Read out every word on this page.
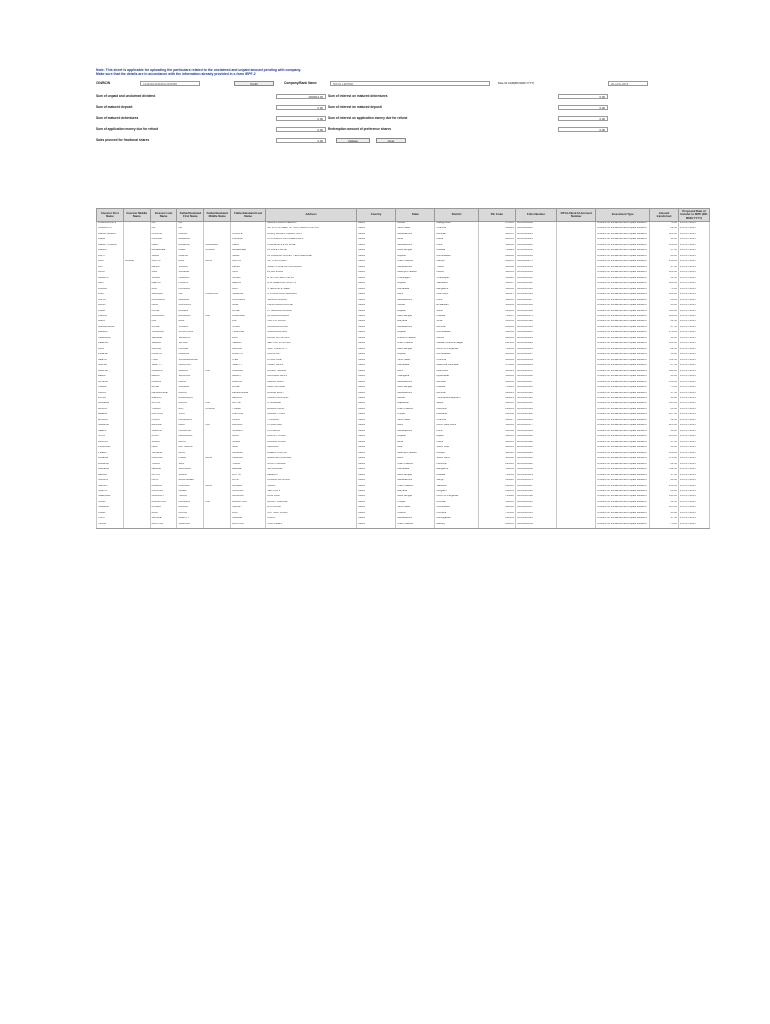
Note: This sheet is applicable for uploading the particulars related to the unclaimed and unpaid amount pending with company.
Make sure that the details are in accordance with the information already provided in e-form IEPF-2
CIN/BCIN	L24220GJ1961PLC001089	Prefill	Company/Bank Name	NOCIL LIMITED	Date Of AGM(DD-MON-YYYY)	20-AUG-2015
Sum of unpaid and unclaimed dividend	1360012.00
Sum of matured deposit	0.00
Sum of matured debentures	0.00
Sum of application money due for refund	0.00
Sales proceed for fractional shares	0.00
Sum of interest on matured debentures	0.00
Sum of interest on matured deposit	0.00
Sum of interest on application money due for refund	0.00
Redemption amount of preference shares	0.00
Validate	Clear
Investor First Name	Investor Middle Name	Investor Last Name	Father/Husband First Name	Father/Husband Middle Name	Father/Husband Last Name	Address	Country	State	District	Pin Code	Folio Number	DP Id-Client Id-Account Number	Investment Type	Amount transferred	Proposed Date of transfer to IEPF (DD-MON-YYYY)
A MANSOOR S		NA	NA			MALAPPURAM KERALA	INDIA	Kerala	Malappuram	676505	NOC0000006		Amount for unclaimed and unpaid dividend	75.00	15-OCT-2015
A REVATHY		NA	NA			NO 15 III STREET AYYAVU NAIDU COLONY	INDIA	Tamil Nadu	Chennai	600029	NOC0000012		Amount for unclaimed and unpaid dividend	22.50	15-OCT-2015
ABDUL HAMID		KOKATE	KHALIL		KOKATE	RAFIQ MANZIL CHAWL NO 2	INDIA	Maharashtra	Mumbai	400070	NOC0000021		Amount for unclaimed and unpaid dividend	300.00	15-OCT-2015
ABHA		PRASAD	MAHESH		PRASAD	C/O HINDUSTAN CHEMICALS	INDIA	Bihar	Patna	800001	NOC0000035		Amount for unclaimed and unpaid dividend	45.00	15-OCT-2015
ABHAY KUMAR		KELA	RAMESH	CHANDRA	KELA	8 GANESH PETH LANE	INDIA	Maharashtra	Pune	411002	NOC0000040		Amount for unclaimed and unpaid dividend	150.00	15-OCT-2015
ABHIJIT		BANERJEE	AMAL	KUMAR	BANERJEE	25 LAKE PLACE	INDIA	West Bengal	Kolkata	700029	NOC0000052		Amount for unclaimed and unpaid dividend	67.50	15-OCT-2015
ADITI		SHAH	NILESH		SHAH	14 PARIMAL SOCIETY ELLISBRIDGE	INDIA	Gujarat	Ahmedabad	380006	NOC0000063		Amount for unclaimed and unpaid dividend	90.00	15-OCT-2015
AJAY	KUMAR	GUPTA	RAM	NATH	GUPTA	117 CIVIL LINES	INDIA	Uttar Pradesh	Kanpur	208001	NOC0000071		Amount for unclaimed and unpaid dividend	210.00	15-OCT-2015
AJIT		DESAI	VASANT		DESAI	SHANTI NIKETAN NAUPADA	INDIA	Maharashtra	Thane	400602	NOC0000084		Amount for unclaimed and unpaid dividend	37.50	15-OCT-2015
ALKA		JAIN	SURESH		JAIN	22 MG ROAD	INDIA	Madhya Pradesh	Indore	452001	NOC0000093		Amount for unclaimed and unpaid dividend	120.00	15-OCT-2015
AMARJIT		SINGH	GURBAX		SINGH	H NO 451 SECTOR 22	INDIA	Chandigarh	Chandigarh	160022	NOC0000101		Amount for unclaimed and unpaid dividend	52.50	15-OCT-2015
AMIT		MEHTA	PRAVIN		MEHTA	B 12 NEELKANTH APTS	INDIA	Gujarat	Vadodara	390007	NOC0000118		Amount for unclaimed and unpaid dividend	180.00	15-OCT-2015
ANAND		RAO	KRISHNA		RAO	4 TEMPLE STREET	INDIA	Karnataka	Bangalore	560004	NOC0000126		Amount for unclaimed and unpaid dividend	75.00	15-OCT-2015
ANIL		SHARMA	OM	PRAKASH	SHARMA	C 45 RAJOURI GARDEN	INDIA	Delhi	New Delhi	110027	NOC0000133		Amount for unclaimed and unpaid dividend	300.00	15-OCT-2015
ANITA		KULKARNI	MADHAV		KULKARNI	SHIVAJI NAGAR	INDIA	Maharashtra	Pune	411005	NOC0000147		Amount for unclaimed and unpaid dividend	60.00	15-OCT-2015
ARUN		NAIR	GOPALAN		NAIR	PALLIKKARA HOUSE	INDIA	Kerala	Ernakulam	682011	NOC0000152		Amount for unclaimed and unpaid dividend	45.00	15-OCT-2015
ASHA		PATEL	MOHAN		PATEL	27 SARDAR NAGAR	INDIA	Gujarat	Surat	395001	NOC0000169		Amount for unclaimed and unpaid dividend	135.00	15-OCT-2015
ASHOK		AGARWAL	BANWARI	LAL	AGARWAL	12 BURRA BAZAR	INDIA	West Bengal	Kolkata	700007	NOC0000174		Amount for unclaimed and unpaid dividend	450.00	15-OCT-2015
BABU		LAL	RAM		LAL	VILL PO SIRSA	INDIA	Haryana	Sirsa	125055	NOC0000186		Amount for unclaimed and unpaid dividend	22.50	15-OCT-2015
BALKRISHNA		JOSHI	VISHNU		JOSHI	GIRGAUM ROAD	INDIA	Maharashtra	Mumbai	400004	NOC0000191		Amount for unclaimed and unpaid dividend	97.50	15-OCT-2015
BHARAT		THAKKAR	JAYANTILAL		THAKKAR	NAVRANGPURA	INDIA	Gujarat	Ahmedabad	380009	NOC0000205		Amount for unclaimed and unpaid dividend	270.00	15-OCT-2015
CHANDRA		SEKHAR	VENKATA		RAO	DOOR NO 12-4-88	INDIA	Andhra Pradesh	Guntur	522002	NOC0000213		Amount for unclaimed and unpaid dividend	30.00	15-OCT-2015
DEEPAK		VERMA	SHYAM		VERMA	SECTOR 15 NOIDA	INDIA	Uttar Pradesh	Gautam Buddha Nagar	201301	NOC0000228		Amount for unclaimed and unpaid dividend	165.00	15-OCT-2015
DILIP		GHOSH	PROBIR		GHOSH	SALT LAKE CITY	INDIA	West Bengal	North 24 Parganas	700064	NOC0000234		Amount for unclaimed and unpaid dividend	82.50	15-OCT-2015
DINESH		PANDYA	HARILAL		PANDYA	KALUPUR	INDIA	Gujarat	Ahmedabad	380001	NOC0000247		Amount for unclaimed and unpaid dividend	55.00	15-OCT-2015
GEETA		IYER	SUBRAMANIAM		IYER	MYLAPORE	INDIA	Tamil Nadu	Chennai	600004	NOC0000259		Amount for unclaimed and unpaid dividend	112.50	15-OCT-2015
GIRISH		SHETTY	NARAYAN		SHETTY	KADRI HILLS	INDIA	Karnataka	Dakshina Kannada	575004	NOC0000263		Amount for unclaimed and unpaid dividend	67.50	15-OCT-2015
HARISH		CHAWLA	MADAN	LAL	CHAWLA	LAJPAT NAGAR	INDIA	Delhi	New Delhi	110024	NOC0000278		Amount for unclaimed and unpaid dividend	240.00	15-OCT-2015
HEMA		REDDY	SRINIVAS		REDDY	BANJARA HILLS	INDIA	Telangana	Hyderabad	500034	NOC0000282		Amount for unclaimed and unpaid dividend	45.00	15-OCT-2015
JAYESH		PARIKH	NAVIN		PARIKH	MALAD WEST	INDIA	Maharashtra	Mumbai	400064	NOC0000297		Amount for unclaimed and unpaid dividend	150.00	15-OCT-2015
KAMAL		BOSE	SUBHAS		BOSE	BALLYGUNGE	INDIA	West Bengal	Kolkata	700019	NOC0000301		Amount for unclaimed and unpaid dividend	75.00	15-OCT-2015
KIRAN		DESHPANDE	ANANT		DESHPANDE	DADAR EAST	INDIA	Maharashtra	Mumbai	400014	NOC0000316		Amount for unclaimed and unpaid dividend	37.50	15-OCT-2015
LAXMI		MENON	RAGHAVAN		MENON	VAZHUTHACAUD	INDIA	Kerala	Thiruvananthapuram	695014	NOC0000322		Amount for unclaimed and unpaid dividend	90.00	15-OCT-2015
MAHESH		GOYAL	RATAN	LAL	GOYAL	C SCHEME	INDIA	Rajasthan	Jaipur	302001	NOC0000335		Amount for unclaimed and unpaid dividend	195.00	15-OCT-2015
MANOJ		TIWARI	RAJ	KUMAR	TIWARI	HAZRATGANJ	INDIA	Uttar Pradesh	Lucknow	226001	NOC0000344		Amount for unclaimed and unpaid dividend	60.00	15-OCT-2015
MEENA		KAPOOR	VIJAY		KAPOOR	MODEL TOWN	INDIA	Punjab	Ludhiana	141002	NOC0000358		Amount for unclaimed and unpaid dividend	127.50	15-OCT-2015
MOHAN		PILLAI	KRISHNAN		PILLAI	T NAGAR	INDIA	Tamil Nadu	Chennai	600017	NOC0000361		Amount for unclaimed and unpaid dividend	52.50	15-OCT-2015
NARESH		BANSAL	HARI	OM	BANSAL	PITAMPURA	INDIA	Delhi	North West Delhi	110034	NOC0000377		Amount for unclaimed and unpaid dividend	225.00	15-OCT-2015
NEELA		SAWANT	PRAKASH		SAWANT	KOTHRUD	INDIA	Maharashtra	Pune	411038	NOC0000383		Amount for unclaimed and unpaid dividend	30.00	15-OCT-2015
NITIN		MODI	DHIRAJLAL		MODI	RAJKOT ROAD	INDIA	Gujarat	Rajkot	360001	NOC0000396		Amount for unclaimed and unpaid dividend	105.00	15-OCT-2015
PANKAJ		SINHA	ARUN		SINHA	BORING ROAD	INDIA	Bihar	Patna	800001	NOC0000402		Amount for unclaimed and unpaid dividend	67.50	15-OCT-2015
PRAKASH		NAIK	DATTARAM		NAIK	MARGAO	INDIA	Goa	South Goa	403601	NOC0000415		Amount for unclaimed and unpaid dividend	45.00	15-OCT-2015
PREETI		SAXENA	ALOK		SAXENA	ARERA COLONY	INDIA	Madhya Pradesh	Bhopal	462016	NOC0000429		Amount for unclaimed and unpaid dividend	150.00	15-OCT-2015
RAJESH		KHANNA	PREM	NATH	KHANNA	GREATER KAILASH	INDIA	Delhi	South Delhi	110048	NOC0000436		Amount for unclaimed and unpaid dividend	375.00	15-OCT-2015
RAKESH		YADAV	SHIV		YADAV	GOMTI NAGAR	INDIA	Uttar Pradesh	Lucknow	226010	NOC0000442		Amount for unclaimed and unpaid dividend	82.50	15-OCT-2015
RAMESH		HEGDE	SHANKAR		HEGDE	JAYANAGAR	INDIA	Karnataka	Bangalore	560011	NOC0000458		Amount for unclaimed and unpaid dividend	112.50	15-OCT-2015
REKHA		DUTTA	SAMIR		DUTTA	BEHALA	INDIA	West Bengal	Kolkata	700034	NOC0000461		Amount for unclaimed and unpaid dividend	37.50	15-OCT-2015
SACHIN		PATIL	BALASAHEB		PATIL	KOLHAPUR ROAD	INDIA	Maharashtra	Sangli	416416	NOC0000474		Amount for unclaimed and unpaid dividend	90.00	15-OCT-2015
SANJAY		MISHRA	KAILASH	NATH	MISHRA	SIGRA	INDIA	Uttar Pradesh	Varanasi	221010	NOC0000487		Amount for unclaimed and unpaid dividend	210.00	15-OCT-2015
SARITA		CHOPRA	INDER		CHOPRA	SECTOR 9	INDIA	Haryana	Gurgaon	122001	NOC0000493		Amount for unclaimed and unpaid dividend	60.00	15-OCT-2015
SHEKHAR		GANGULY	TAPAN		GANGULY	DUM DUM	INDIA	West Bengal	North 24 Parganas	700028	NOC0000508		Amount for unclaimed and unpaid dividend	135.00	15-OCT-2015
SUNIL		MALHOTRA	KRISHAN	LAL	MALHOTRA	RANJIT AVENUE	INDIA	Punjab	Amritsar	143001	NOC0000514		Amount for unclaimed and unpaid dividend	52.50	15-OCT-2015
SURESH		KUMAR	RANGA		SWAMY	RS PURAM	INDIA	Tamil Nadu	Coimbatore	641002	NOC0000527		Amount for unclaimed and unpaid dividend	165.00	15-OCT-2015
USHA		RANI	GOPAL		DAS	CUTTACK ROAD	INDIA	Odisha	Khordha	751006	NOC0000531		Amount for unclaimed and unpaid dividend	45.00	15-OCT-2015
VIJAY		SHINDE	MARUTI		SHINDE	CIDCO	INDIA	Maharashtra	Aurangabad	431003	NOC0000546		Amount for unclaimed and unpaid dividend	97.50	15-OCT-2015
VINOD		RASTOGI	JAGDISH		RASTOGI	CIVIL LINES	INDIA	Uttar Pradesh	Bareilly	243001	NOC0000559		Amount for unclaimed and unpaid dividend	75.00	15-OCT-2015
